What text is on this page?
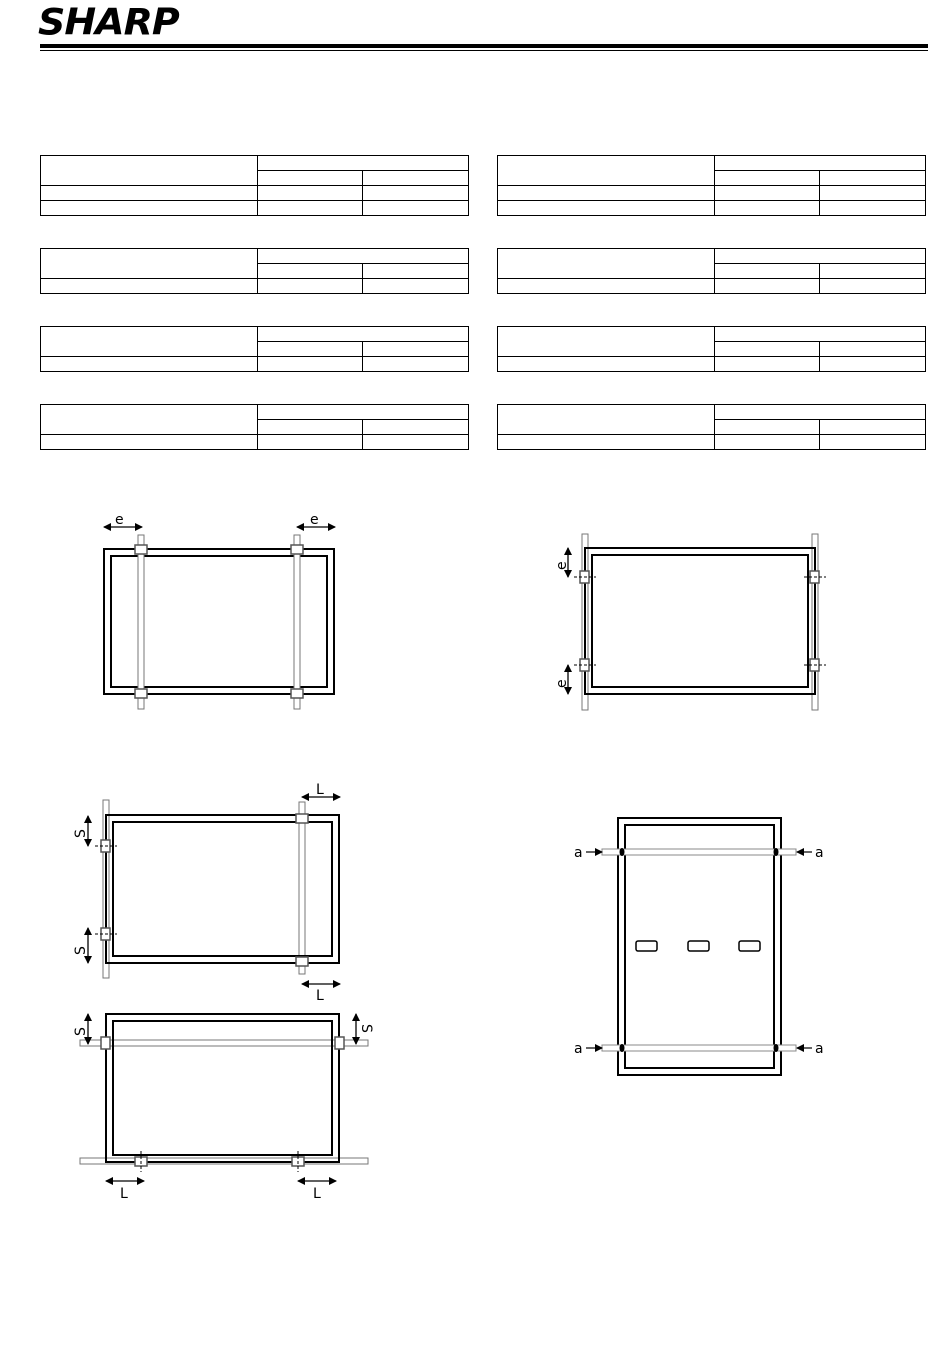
SHARP

e	e
e
e
L
S
S
L
S	S
L	L
a	a
a	a
